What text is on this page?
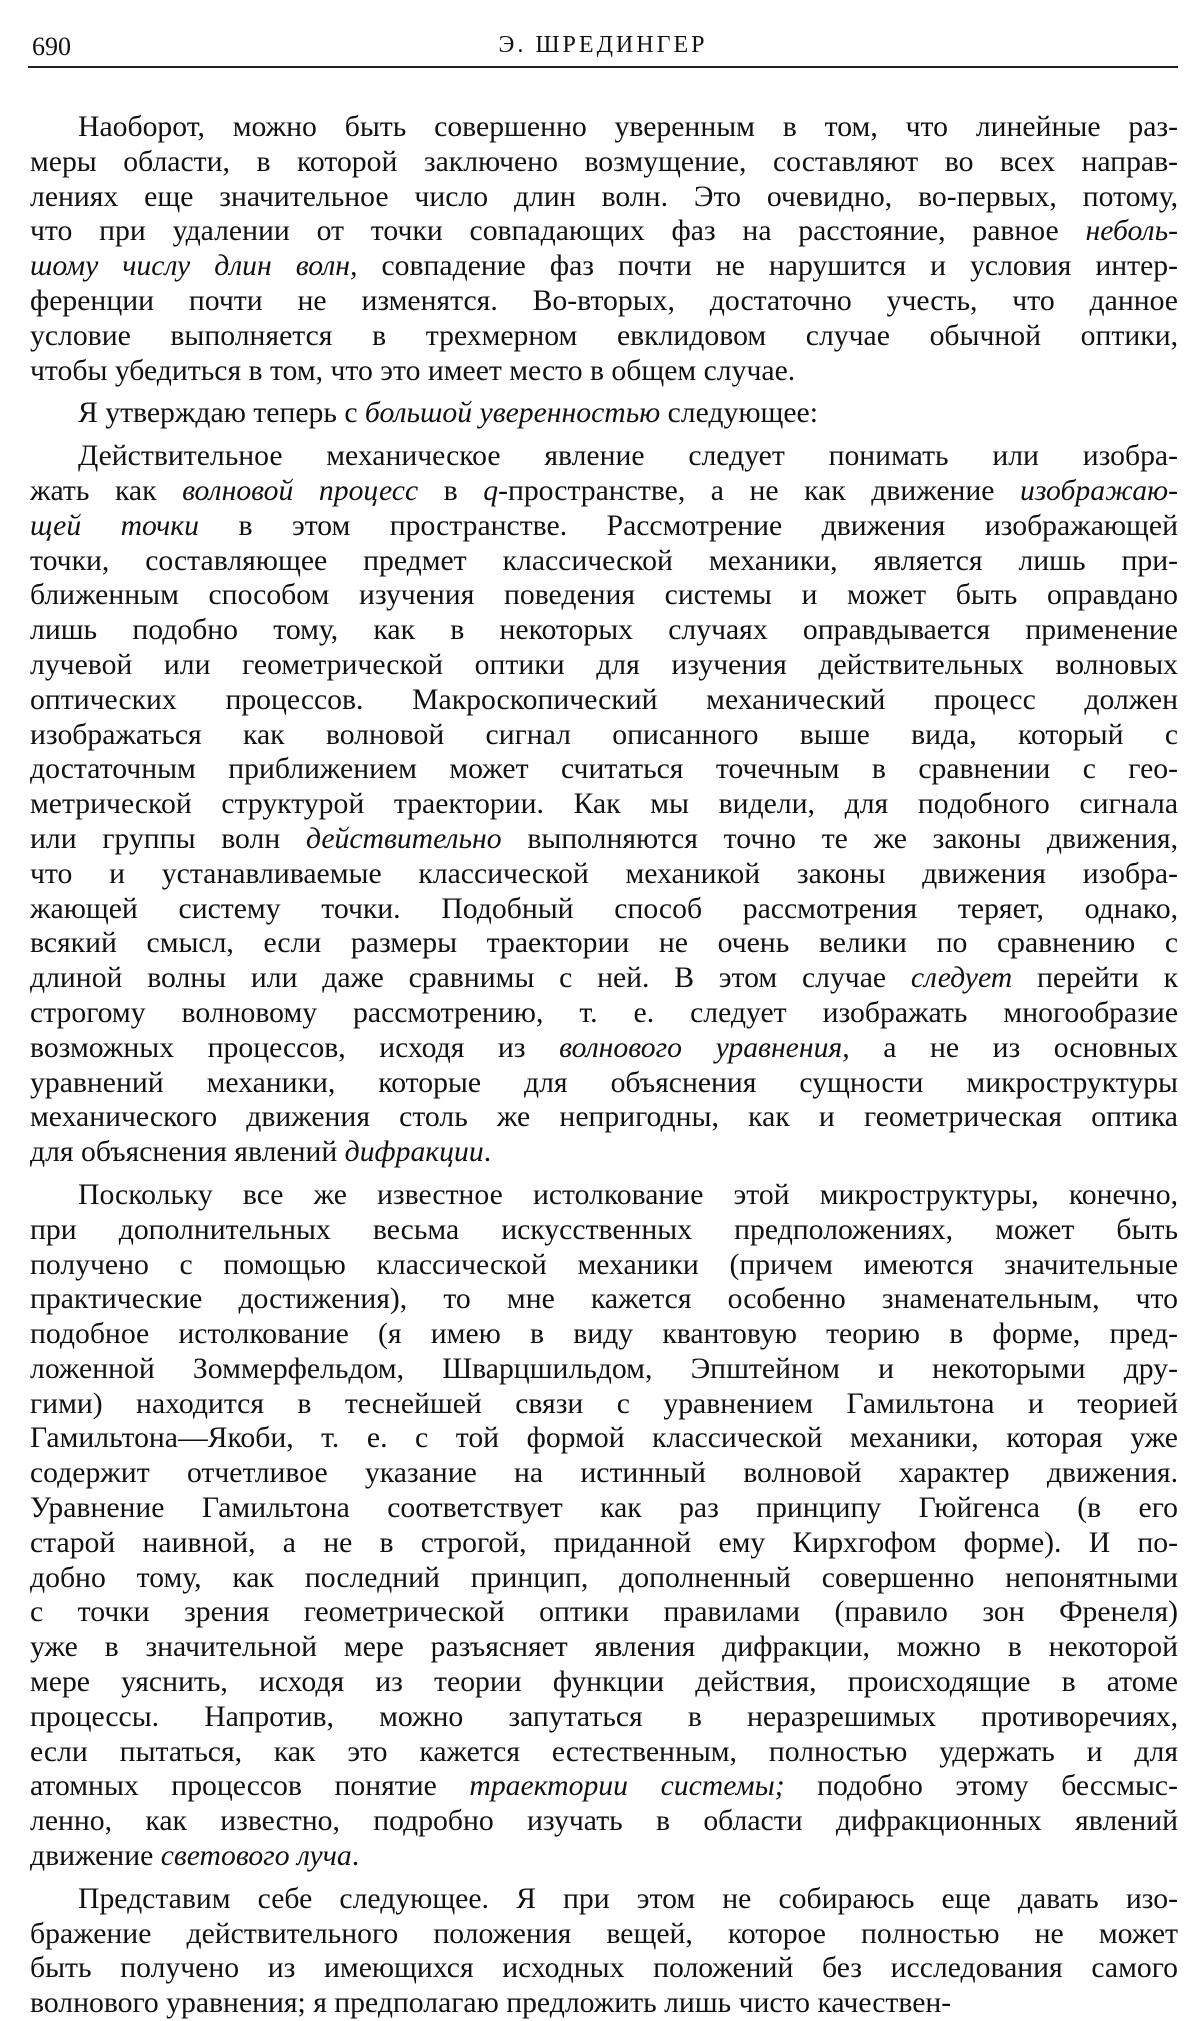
690	Э. ШРЕДИНГЕР
Наоборот, можно быть совершенно уверенным в том, что линейные раз-
меры области, в которой заключено возмущение, составляют во всех направ-
лениях еще значительное число длин волн. Это очевидно, во-первых, потому,
что при удалении от точки совпадающих фаз на расстояние, равное неболь-
шому числу длин волн, совпадение фаз почти не нарушится и условия интер-
ференции почти не изменятся. Во-вторых, достаточно учесть, что данное
условие выполняется в трехмерном евклидовом случае обычной оптики,
чтобы убедиться в том, что это имеет место в общем случае.
Я утверждаю теперь с большой уверенностью следующее:
Действительное механическое явление следует понимать или изобра-
жать как волновой процесс в q-пространстве, а не как движение изображаю-
щей точки в этом пространстве. Рассмотрение движения изображающей
точки, составляющее предмет классической механики, является лишь при-
ближенным способом изучения поведения системы и может быть оправдано
лишь подобно тому, как в некоторых случаях оправдывается применение
лучевой или геометрической оптики для изучения действительных волновых
оптических процессов. Макроскопический механический процесс должен
изображаться как волновой сигнал описанного выше вида, который с
достаточным приближением может считаться точечным в сравнении с гео-
метрической структурой траектории. Как мы видели, для подобного сигнала
или группы волн действительно выполняются точно те же законы движения,
что и устанавливаемые классической механикой законы движения изобра-
жающей систему точки. Подобный способ рассмотрения теряет, однако,
всякий смысл, если размеры траектории не очень велики по сравнению с
длиной волны или даже сравнимы с ней. В этом случае следует перейти к
строгому волновому рассмотрению, т. е. следует изображать многообразие
возможных процессов, исходя из волнового уравнения, а не из основных
уравнений механики, которые для объяснения сущности микроструктуры
механического движения столь же непригодны, как и геометрическая оптика
для объяснения явлений дифракции.
Поскольку все же известное истолкование этой микроструктуры, конечно,
при дополнительных весьма искусственных предположениях, может быть
получено с помощью классической механики (причем имеются значительные
практические достижения), то мне кажется особенно знаменательным, что
подобное истолкование (я имею в виду квантовую теорию в форме, пред-
ложенной Зоммерфельдом, Шварцшильдом, Эпштейном и некоторыми дру-
гими) находится в теснейшей связи с уравнением Гамильтона и теорией
Гамильтона—Якоби, т. е. с той формой классической механики, которая уже
содержит отчетливое указание на истинный волновой характер движения.
Уравнение Гамильтона соответствует как раз принципу Гюйгенса (в его
старой наивной, а не в строгой, приданной ему Кирхгофом форме). И по-
добно тому, как последний принцип, дополненный совершенно непонятными
с точки зрения геометрической оптики правилами (правило зон Френеля)
уже в значительной мере разъясняет явления дифракции, можно в некоторой
мере уяснить, исходя из теории функции действия, происходящие в атоме
процессы. Напротив, можно запутаться в неразрешимых противоречиях,
если пытаться, как это кажется естественным, полностью удержать и для
атомных процессов понятие траектории системы; подобно этому бессмыс-
ленно, как известно, подробно изучать в области дифракционных явлений
движение светового луча.
Представим себе следующее. Я при этом не собираюсь еще давать изо-
бражение действительного положения вещей, которое полностью не может
быть получено из имеющихся исходных положений без исследования самого
волнового уравнения; я предполагаю предложить лишь чисто качествен-
